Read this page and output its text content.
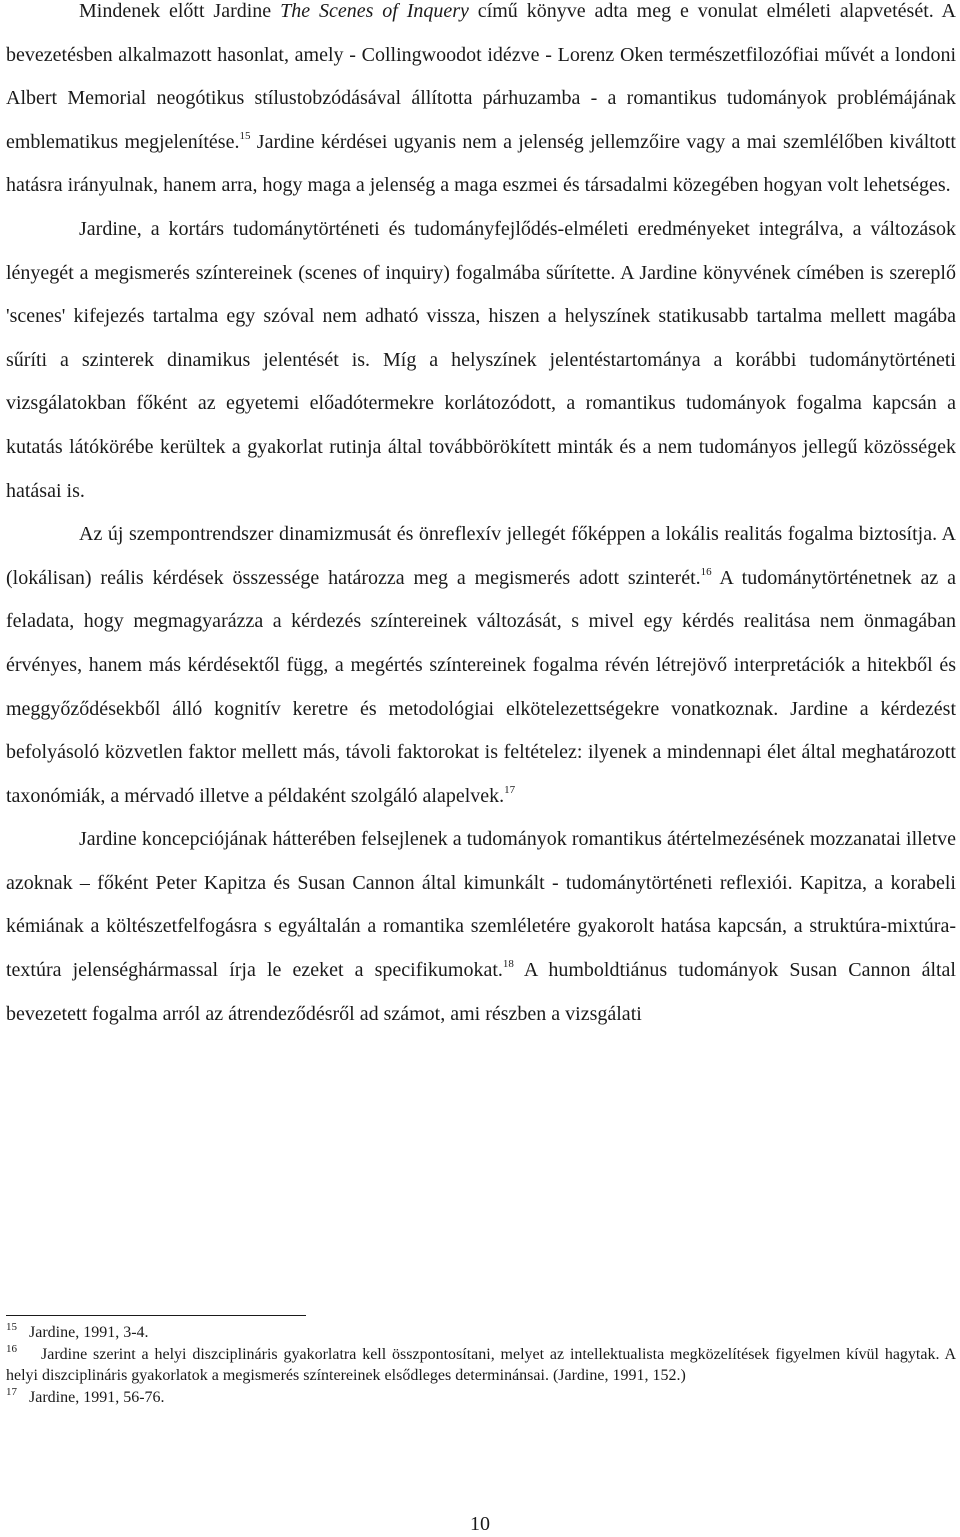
Mindenek előtt Jardine The Scenes of Inquery című könyve adta meg e vonulat elméleti alapvetését. A bevezetésben alkalmazott hasonlat, amely - Collingwoodot idézve - Lorenz Oken természetfilozófiai művét a londoni Albert Memorial neogótikus stílustobzódásával állította párhuzamba - a romantikus tudományok problémájának emblematikus megjelenítése.$^{15}$ Jardine kérdései ugyanis nem a jelenség jellemzőire vagy a mai szemlélőben kiváltott hatásra irányulnak, hanem arra, hogy maga a jelenség a maga eszmei és társadalmi közegében hogyan volt lehetséges.

Jardine, a kortárs tudománytörténeti és tudományfejlődés-elméleti eredményeket integrálva, a változások lényegét a megismerés színtereinek (scenes of inquiry) fogalmába sűrítette. A Jardine könyvének címében is szereplő 'scenes' kifejezés tartalma egy szóval nem adható vissza, hiszen a helyszínek statikusabb tartalma mellett magába sűríti a szinterek dinamikus jelentését is. Míg a helyszínek jelentéstartománya a korábbi tudománytörténeti vizsgálatokban főként az egyetemi előadótermekre korlátozódott, a romantikus tudományok fogalma kapcsán a kutatás látókörébe kerültek a gyakorlat rutinja által továbbörökített minták és a nem tudományos jellegű közösségek hatásai is.

Az új szempontrendszer dinamizmusát és önreflexív jellegét főképpen a lokális realitás fogalma biztosítja. A (lokálisan) reális kérdések összessége határozza meg a megismerés adott szinterét.$^{16}$ A tudománytörténetnek az a feladata, hogy megmagyarázza a kérdezés színtereinek változását, s mivel egy kérdés realitása nem önmagában érvényes, hanem más kérdésektől függ, a megértés színtereinek fogalma révén létrejövő interpretációk a hitekből és meggyőződésekből álló kognitív keretre és metodológiai elkötelezettségekre vonatkoznak. Jardine a kérdezést befolyásoló közvetlen faktor mellett más, távoli faktorokat is feltételez: ilyenek a mindennapi élet által meghatározott taxonómiák, a mérvadó illetve a példaként szolgáló alapelvek.$^{17}$

Jardine koncepciójának hátterében felsejlenek a tudományok romantikus átértelmezésének mozzanatai illetve azoknak – főként Peter Kapitza és Susan Cannon által kimunkált - tudománytörténeti reflexiói. Kapitza, a korabeli kémiának a költészetfelfogásra s egyáltalán a romantika szemléletére gyakorolt hatása kapcsán, a struktúra-mixtúra-textúra jelenséghármassal írja le ezeket a specifikumokat.$^{18}$ A humboldtiánus tudományok Susan Cannon által bevezetett fogalma arról az átrendeződésről ad számot, ami részben a vizsgálati

$^{15}$ Jardine, 1991, 3-4.

$^{16}$ Jardine szerint a helyi diszciplináris gyakorlatra kell összpontosítani, melyet az intellektualista megközelítések figyelmen kívül hagytak. A helyi diszciplináris gyakorlatok a megismerés színtereinek elsődleges determinánsai. (Jardine, 1991, 152.)

$^{17}$ Jardine, 1991, 56-76.

10
